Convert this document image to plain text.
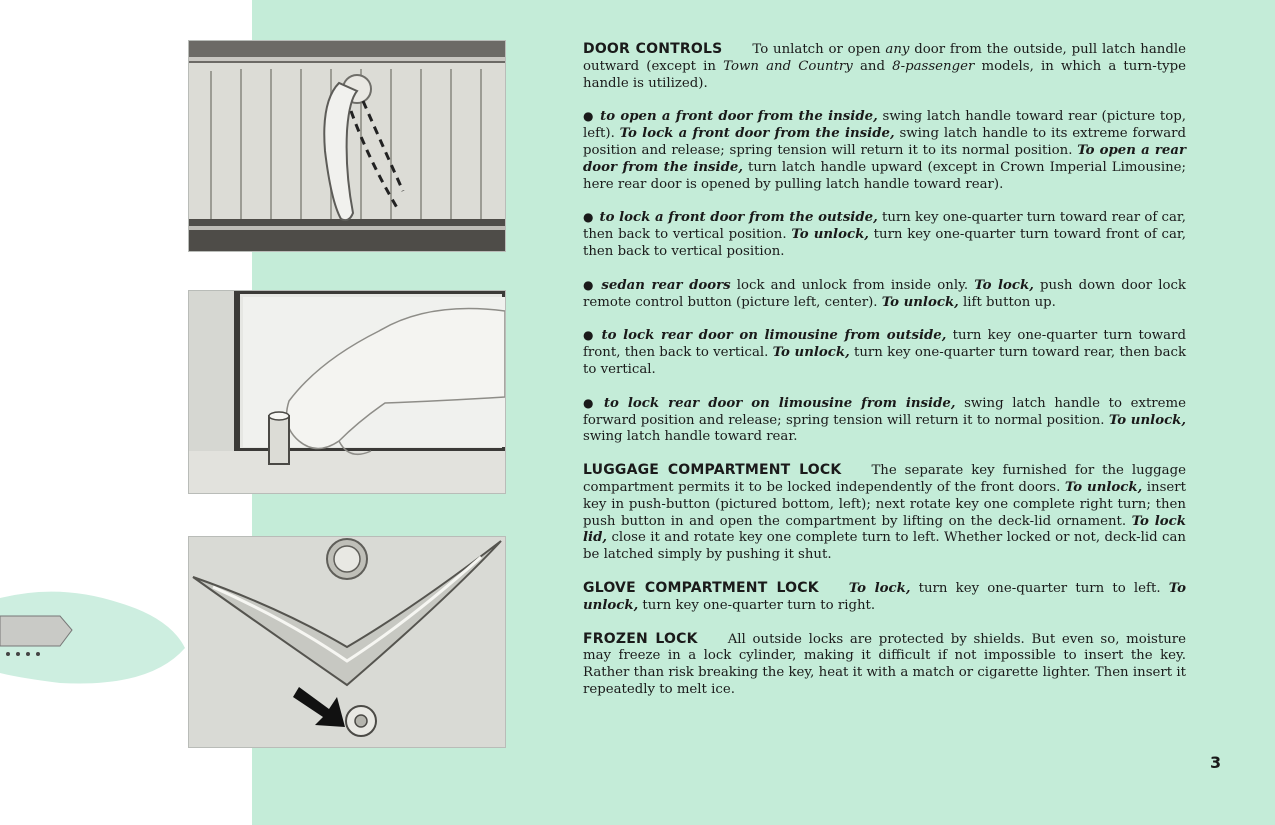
DOOR CONTROLS To unlatch or open any door from the outside, pull latch handle outward (except in Town and Country and 8-passenger models, in which a turn-type handle is utilized).

● to open a front door from the inside, swing latch handle toward rear (picture top, left). To lock a front door from the inside, swing latch handle to its extreme forward position and release; spring tension will return it to its normal position. To open a rear door from the inside, turn latch handle upward (except in Crown Imperial Limousine; here rear door is opened by pulling latch handle toward rear).

● to lock a front door from the outside, turn key one-quarter turn toward rear of car, then back to vertical position. To unlock, turn key one-quarter turn toward front of car, then back to vertical position.

● sedan rear doors lock and unlock from inside only. To lock, push down door lock remote control button (picture left, center). To unlock, lift button up.

● to lock rear door on limousine from outside, turn key one-quarter turn toward front, then back to vertical. To unlock, turn key one-quarter turn toward rear, then back to vertical.

● to lock rear door on limousine from inside, swing latch handle to extreme forward position and release; spring tension will return it to normal position. To unlock, swing latch handle toward rear.

LUGGAGE COMPARTMENT LOCK The separate key furnished for the luggage compartment permits it to be locked independently of the front doors. To unlock, insert key in push-button (pictured bottom, left); next rotate key one complete right turn; then push button in and open the compartment by lifting on the deck-lid ornament. To lock lid, close it and rotate key one complete turn to left. Whether locked or not, deck-lid can be latched simply by pushing it shut.

GLOVE COMPARTMENT LOCK To lock, turn key one-quarter turn to left. To unlock, turn key one-quarter turn to right.

FROZEN LOCK All outside locks are protected by shields. But even so, moisture may freeze in a lock cylinder, making it difficult if not impossible to insert the key. Rather than risk breaking the key, heat it with a match or cigarette lighter. Then insert it repeatedly to melt ice.

3
